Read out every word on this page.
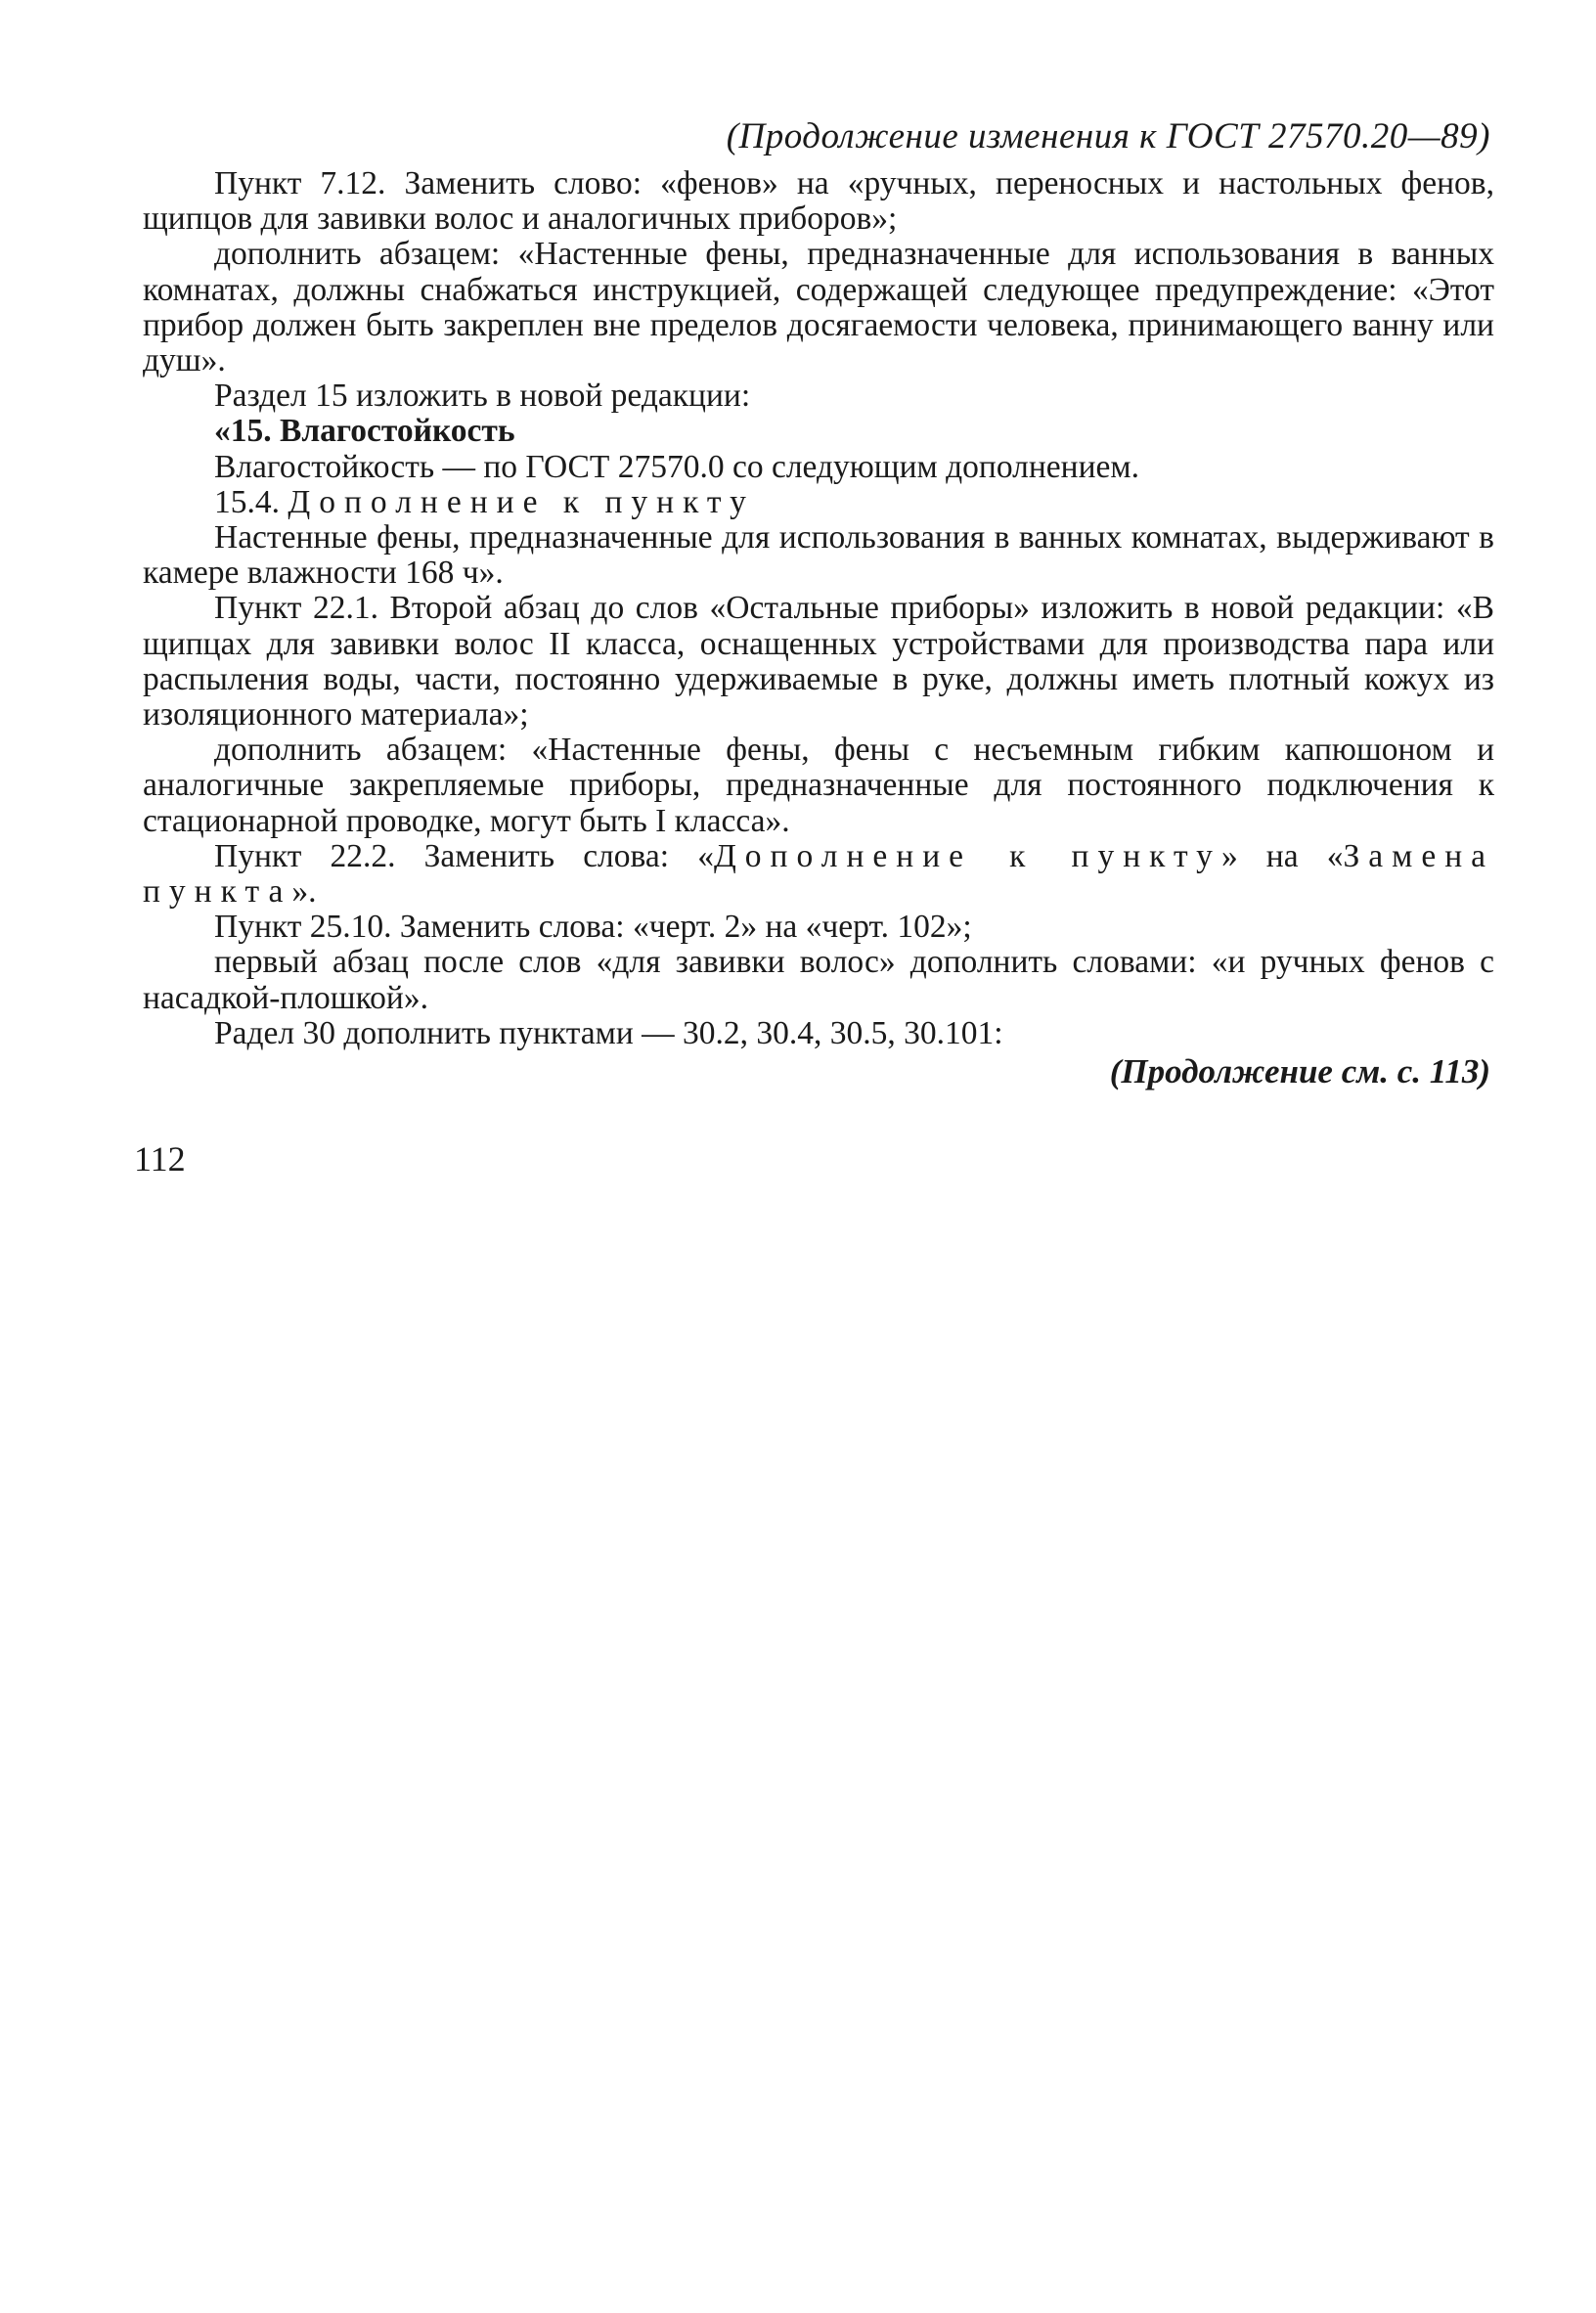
(Продолжение изменения к ГОСТ 27570.20—89)

Пункт 7.12. Заменить слово: «фенов» на «ручных, переносных и настольных фенов, щипцов для завивки волос и аналогичных приборов»;

дополнить абзацем: «Настенные фены, предназначенные для использования в ванных комнатах, должны снабжаться инструкцией, содержащей следующее предупреждение: «Этот прибор должен быть закреплен вне пределов досягаемости человека, принимающего ванну или душ».

Раздел 15 изложить в новой редакции:

«15. Влагостойкость

Влагостойкость — по ГОСТ 27570.0 со следующим дополнением.

15.4. Дополнение к пункту

Настенные фены, предназначенные для использования в ванных комнатах, выдерживают в камере влажности 168 ч».

Пункт 22.1. Второй абзац до слов «Остальные приборы» изложить в новой редакции: «В щипцах для завивки волос II класса, оснащенных устройствами для производства пара или распыления воды, части, постоянно удерживаемые в руке, должны иметь плотный кожух из изоляционного материала»;

дополнить абзацем: «Настенные фены, фены с несъемным гибким капюшоном и аналогичные закрепляемые приборы, предназначенные для постоянного подключения к стационарной проводке, могут быть I класса».

Пункт 22.2. Заменить слова: «Дополнение к пункту» на «Замена пункта».

Пункт 25.10. Заменить слова: «черт. 2» на «черт. 102»;

первый абзац после слов «для завивки волос» дополнить словами: «и ручных фенов с насадкой-плошкой».

Радел 30 дополнить пунктами — 30.2, 30.4, 30.5, 30.101:

(Продолжение см. с. 113)
112
